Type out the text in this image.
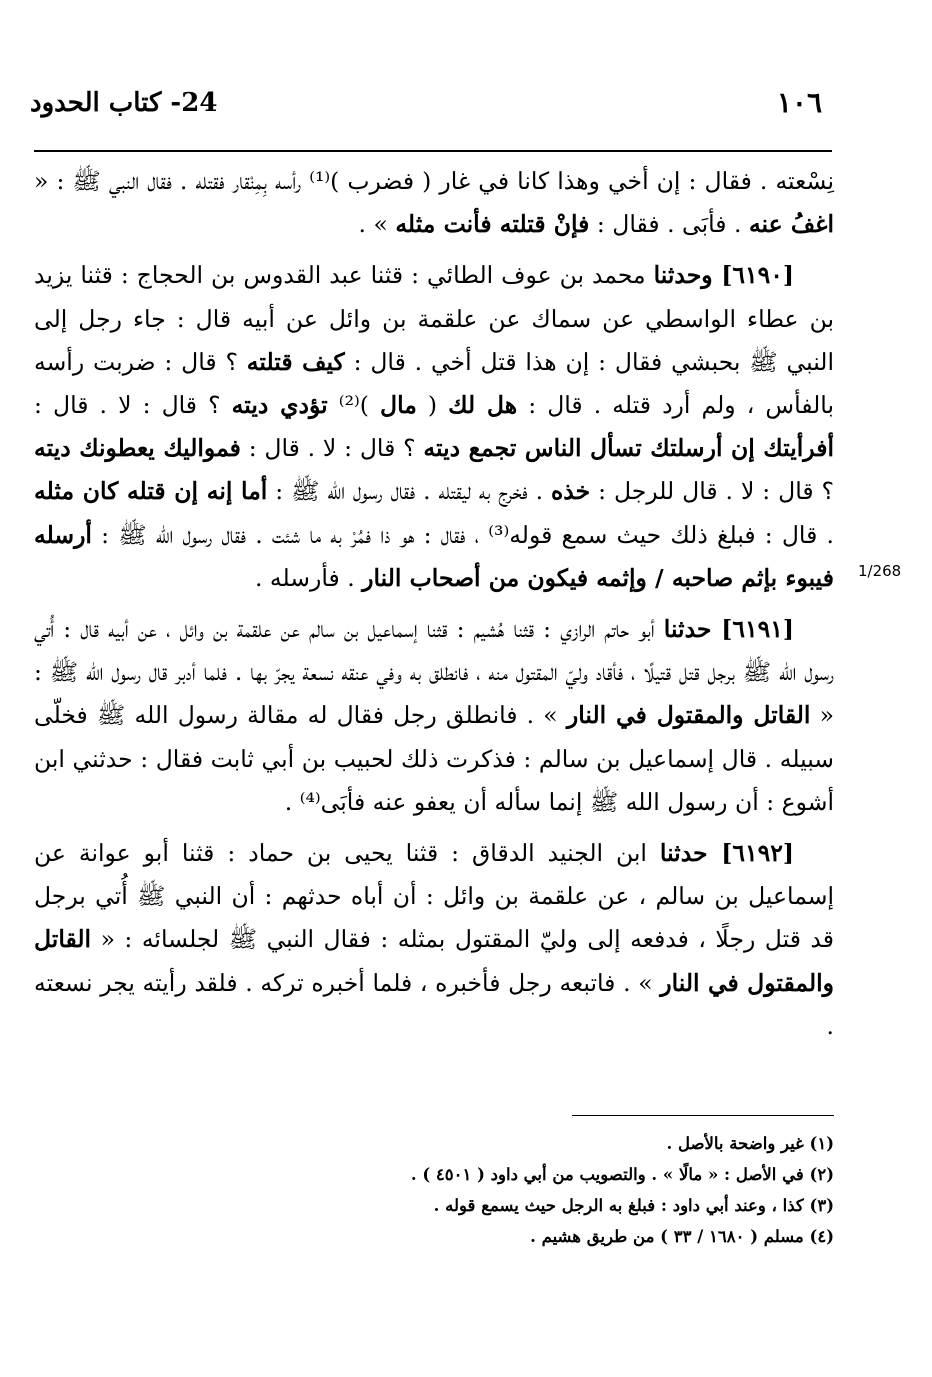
١٠٦
24- كتاب الحدود

نِسْعته . فقال : إن أخي وهذا كانا في غار ( فضرب )⁽¹⁾ رأسه بِمِنْقار فقتله . فقال النبي ﷺ : « اغفُ عنه . فأبَى . فقال : فإنْ قتلته فأنت مثله » .

[٦١٩٠] وحدثنا محمد بن عوف الطائي : قثنا عبد القدوس بن الحجاج : قثنا يزيد بن عطاء الواسطي عن سماك عن علقمة بن وائل عن أبيه قال : جاء رجل إلى النبي ﷺ بحبشي فقال : إن هذا قتل أخي . قال : كيف قتلته ؟ قال : ضربت رأسه بالفأس ، ولم أرد قتله . قال : هل لك ( مال )⁽²⁾ تؤدي ديته ؟ قال : لا . قال : أفرأيتك إن أرسلتك تسأل الناس تجمع ديته ؟ قال : لا . قال : فمواليك يعطونك ديته ؟ قال : لا . قال للرجل : خذه . فخرج به ليقتله . فقال رسول الله ﷺ : أما إنه إن قتله كان مثله . قال : فبلغ ذلك حيث سمع قوله⁽³⁾ ، فقال : هو ذا فمُرْ به ما شئت . فقال رسول الله ﷺ : أرسله فيبوء بإثم صاحبه / وإثمه فيكون من أصحاب النار . فأرسله .

[٦١٩١] حدثنا أبو حاتم الرازي : قثنا هُشيم : قثنا إسماعيل بن سالم عن علقمة بن وائل ، عن أبيه قال : أُتي رسول الله ﷺ برجل قتل قتيلًا ، فأقاد وليّ المقتول منه ، فانطلق به وفي عنقه نسعة يجرّ بها . فلما أدبر قال رسول الله ﷺ : « القاتل والمقتول في النار » . فانطلق رجل فقال له مقالة رسول الله ﷺ فخلّى سبيله . قال إسماعيل بن سالم : فذكرت ذلك لحبيب بن أبي ثابت فقال : حدثني ابن أشوع : أن رسول الله ﷺ إنما سأله أن يعفو عنه فأبَى⁽⁴⁾ .

[٦١٩٢] حدثنا ابن الجنيد الدقاق : قثنا يحيى بن حماد : قثنا أبو عوانة عن إسماعيل بن سالم ، عن علقمة بن وائل : أن أباه حدثهم : أن النبي ﷺ أُتي برجل قد قتل رجلًا ، فدفعه إلى وليّ المقتول بمثله : فقال النبي ﷺ لجلسائه : « القاتل والمقتول في النار » . فاتبعه رجل فأخبره ، فلما أخبره تركه . فلقد رأيته يجر نسعته .

1/268
(١) غير واضحة بالأصل .
(٢) في الأصل : « مالًا » . والتصويب من أبي داود ( ٤٥٠١ ) .
(٣) كذا ، وعند أبي داود : فبلغ به الرجل حيث يسمع قوله .
(٤) مسلم ( ١٦٨٠ / ٣٣ ) من طريق هشيم .
